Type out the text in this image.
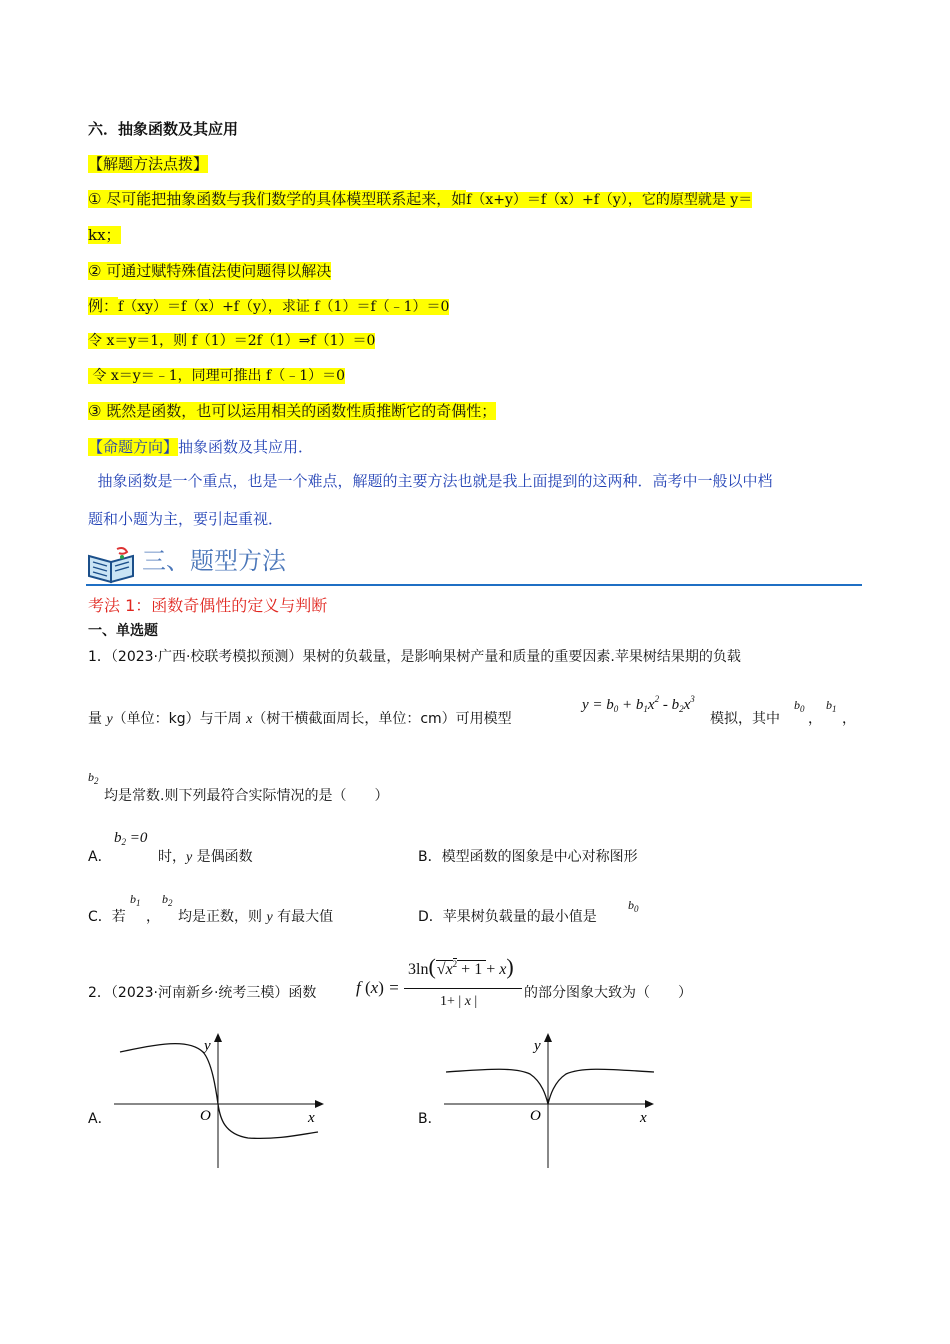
六．抽象函数及其应用
【解题方法点拨】
① 尽可能把抽象函数与我们数学的具体模型联系起来，如f（x+y）＝f（x）+f（y），它的原型就是 y＝
kx；
② 可通过赋特殊值法使问题得以解决
例：f（xy）＝f（x）+f（y），求证 f（1）＝f（﹣1）＝0
令 x＝y＝1，则 f（1）＝2f（1）⇒f（1）＝0
令 x＝y＝﹣1，同理可推出 f（﹣1）＝0
③ 既然是函数，也可以运用相关的函数性质推断它的奇偶性；
【命题方向】抽象函数及其应用．
抽象函数是一个重点，也是一个难点，解题的主要方法也就是我上面提到的这两种．高考中一般以中档
题和小题为主，要引起重视．
三、题型方法
考法 1：函数奇偶性的定义与判断
一、单选题
1．（2023·广西·校联考模拟预测）果树的负载量，是影响果树产量和质量的重要因素.苹果树结果期的负载
量 y（单位：kg）与干周 x（树干横截面周长，单位：cm）可用模型
$y = b_0 + b_1x^2 - b_2x^3$
模拟，其中
$b_0$
，
$b_1$
，
$b_2$
均是常数.则下列最符合实际情况的是（　　）
A．
$b_2 =0$
时，y 是偶函数	B．模型函数的图象是中心对称图形
C．若
$b_1$
，
$b_2$
均是正数，则 y 有最大值	D．苹果树负载量的最小值是
$b_0$
2．（2023·河南新乡·统考三模）函数 f (x) =
$3\ln(√x^2 + 1 + x)$
1+ | x |
的部分图象大致为（　　）
A．
y
x
O	B．
y
x
O
